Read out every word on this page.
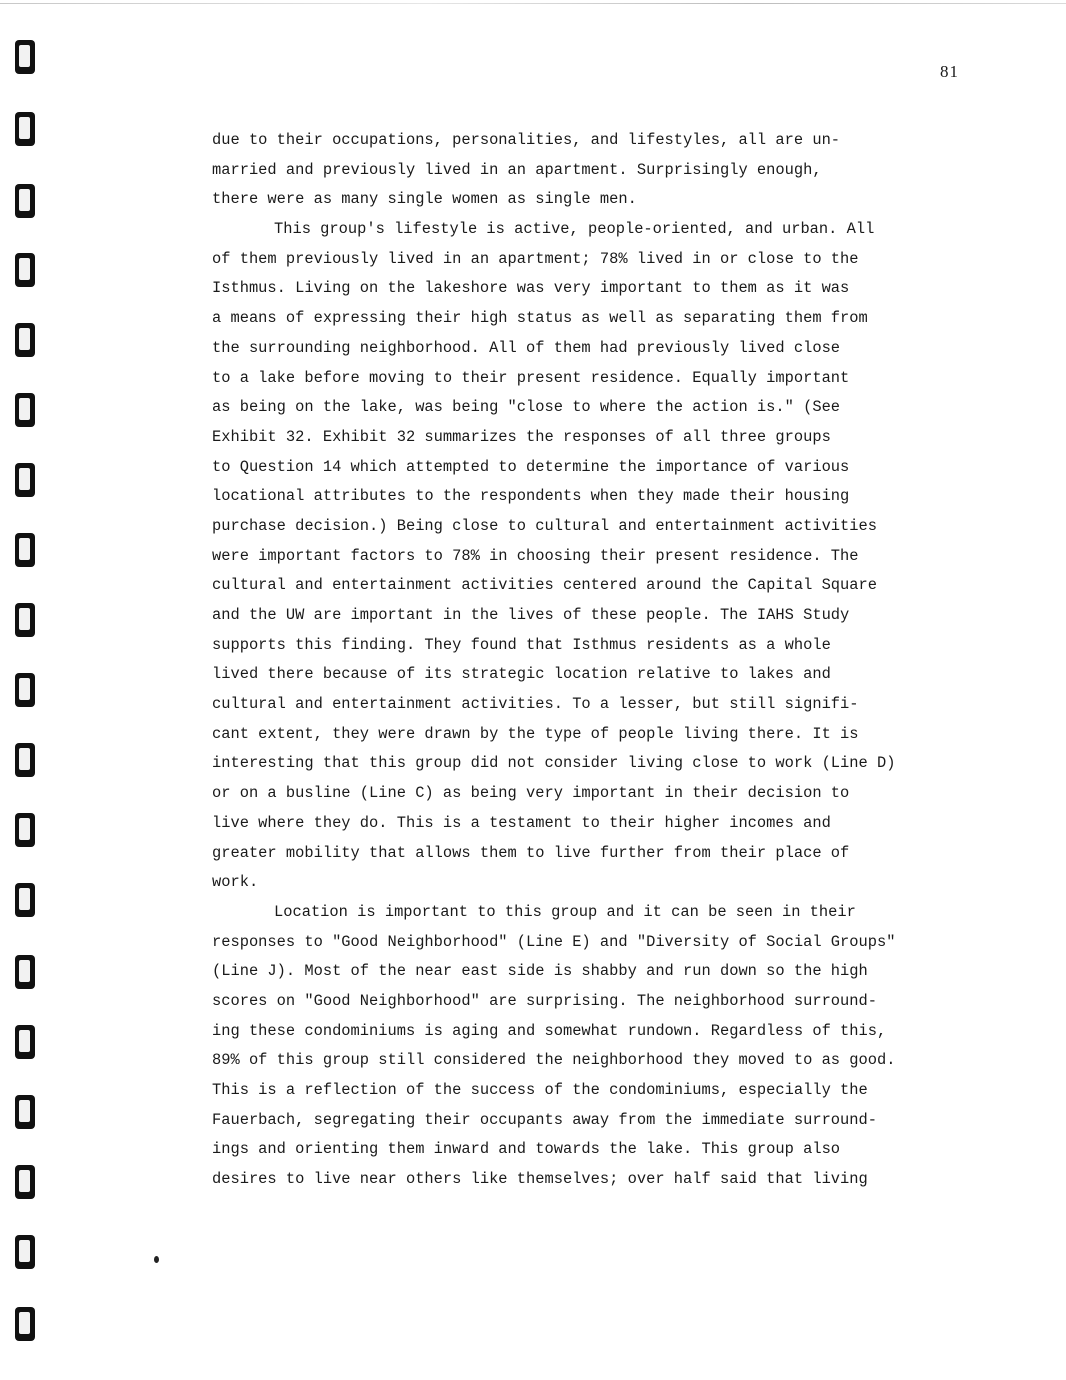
81
due to their occupations, personalities, and lifestyles, all are un-
married and previously lived in an apartment. Surprisingly enough,
there were as many single women as single men.
This group's lifestyle is active, people-oriented, and urban. All
of them previously lived in an apartment; 78% lived in or close to the
Isthmus. Living on the lakeshore was very important to them as it was
a means of expressing their high status as well as separating them from
the surrounding neighborhood. All of them had previously lived close
to a lake before moving to their present residence. Equally important
as being on the lake, was being "close to where the action is." (See
Exhibit 32. Exhibit 32 summarizes the responses of all three groups
to Question 14 which attempted to determine the importance of various
locational attributes to the respondents when they made their housing
purchase decision.) Being close to cultural and entertainment activities
were important factors to 78% in choosing their present residence. The
cultural and entertainment activities centered around the Capital Square
and the UW are important in the lives of these people. The IAHS Study
supports this finding. They found that Isthmus residents as a whole
lived there because of its strategic location relative to lakes and
cultural and entertainment activities. To a lesser, but still signifi-
cant extent, they were drawn by the type of people living there. It is
interesting that this group did not consider living close to work (Line D)
or on a busline (Line C) as being very important in their decision to
live where they do. This is a testament to their higher incomes and
greater mobility that allows them to live further from their place of
work.
Location is important to this group and it can be seen in their
responses to "Good Neighborhood" (Line E) and "Diversity of Social Groups"
(Line J). Most of the near east side is shabby and run down so the high
scores on "Good Neighborhood" are surprising. The neighborhood surround-
ing these condominiums is aging and somewhat rundown. Regardless of this,
89% of this group still considered the neighborhood they moved to as good.
This is a reflection of the success of the condominiums, especially the
Fauerbach, segregating their occupants away from the immediate surround-
ings and orienting them inward and towards the lake. This group also
desires to live near others like themselves; over half said that living
